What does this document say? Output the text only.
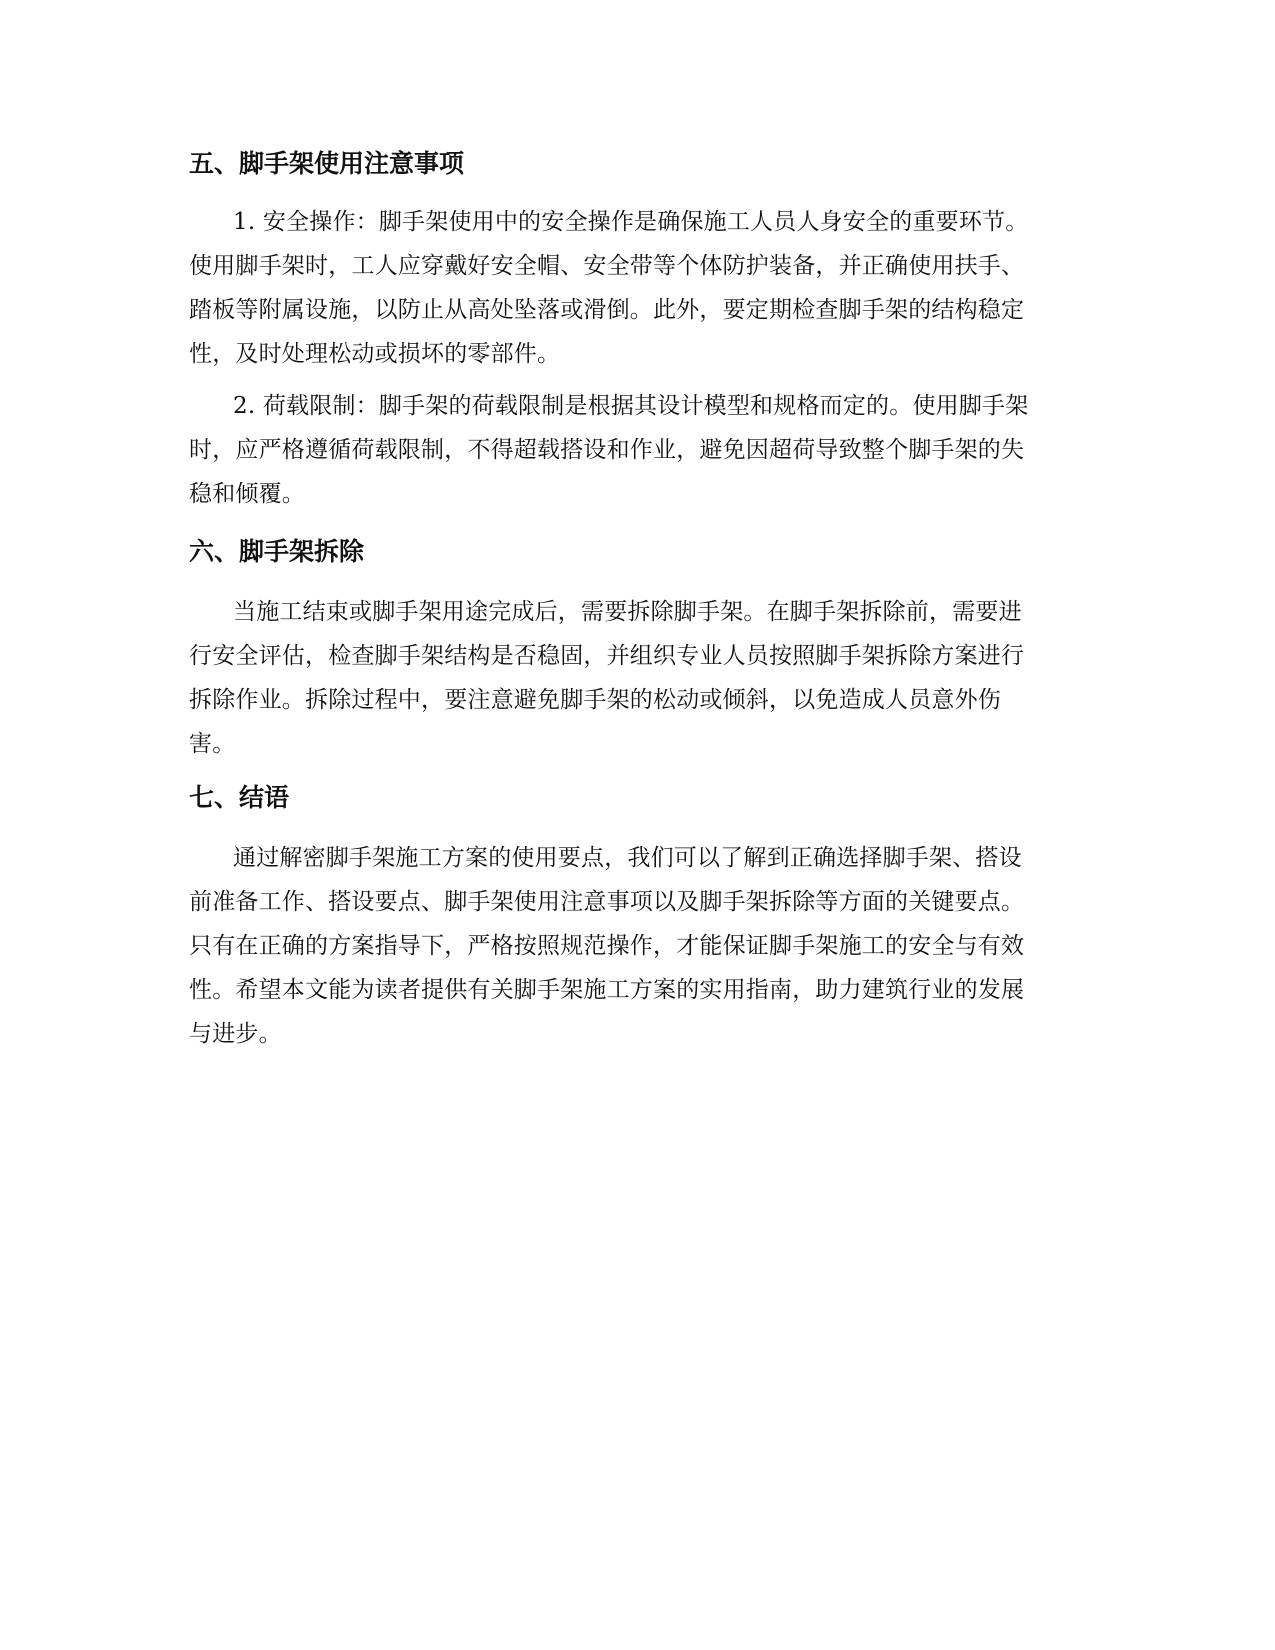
五、脚手架使用注意事项
1. 安全操作：脚手架使用中的安全操作是确保施工人员人身安全的重要环节。
使用脚手架时，工人应穿戴好安全帽、安全带等个体防护装备，并正确使用扶手、
踏板等附属设施，以防止从高处坠落或滑倒。此外，要定期检查脚手架的结构稳定
性，及时处理松动或损坏的零部件。
2. 荷载限制：脚手架的荷载限制是根据其设计模型和规格而定的。使用脚手架
时，应严格遵循荷载限制，不得超载搭设和作业，避免因超荷导致整个脚手架的失
稳和倾覆。
六、脚手架拆除
当施工结束或脚手架用途完成后，需要拆除脚手架。在脚手架拆除前，需要进
行安全评估，检查脚手架结构是否稳固，并组织专业人员按照脚手架拆除方案进行
拆除作业。拆除过程中，要注意避免脚手架的松动或倾斜，以免造成人员意外伤
害。
七、结语
通过解密脚手架施工方案的使用要点，我们可以了解到正确选择脚手架、搭设
前准备工作、搭设要点、脚手架使用注意事项以及脚手架拆除等方面的关键要点。
只有在正确的方案指导下，严格按照规范操作，才能保证脚手架施工的安全与有效
性。希望本文能为读者提供有关脚手架施工方案的实用指南，助力建筑行业的发展
与进步。
